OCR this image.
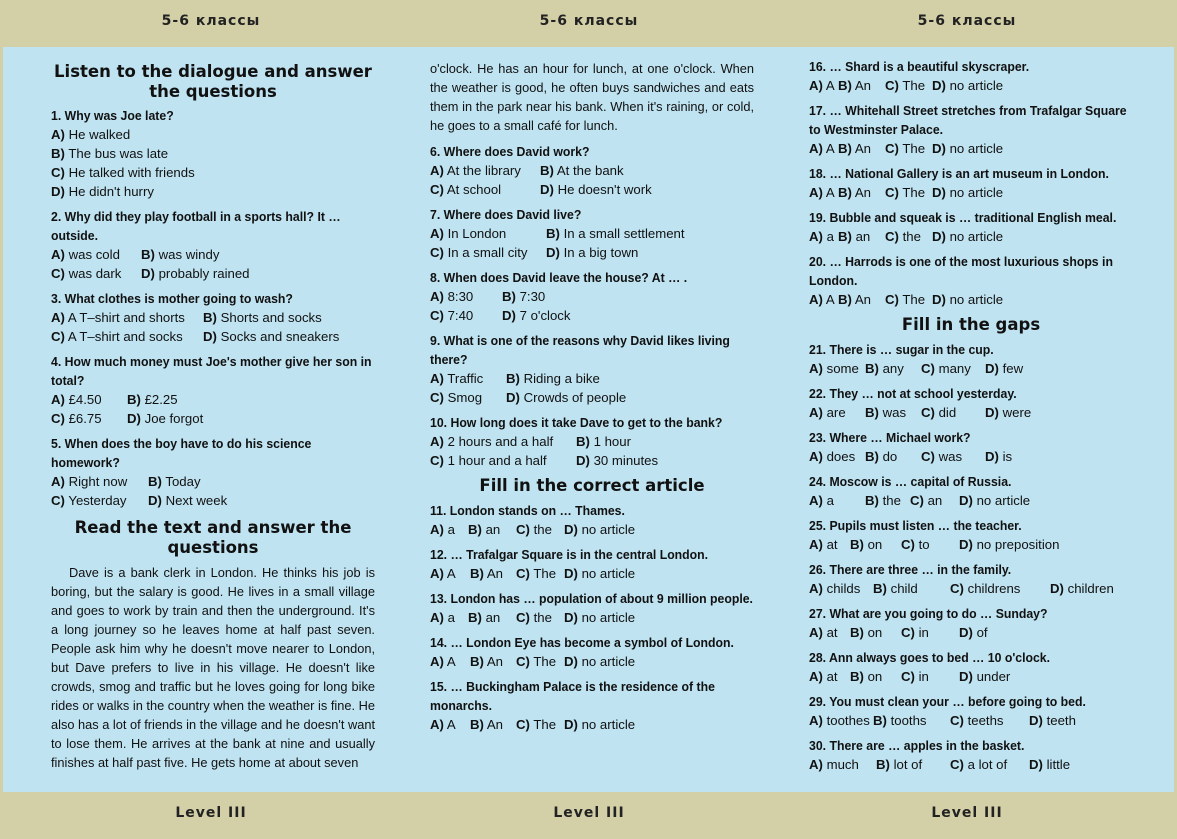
5-6 классы	5-6 классы	5-6 классы
Listen to the dialogue and answer the questions
1. Why was Joe late?
A) He walked
B) The bus was late
C) He talked with friends
D) He didn't hurry
2. Why did they play football in a sports hall? It … outside.
A) was cold B) was windy
C) was dark D) probably rained
3. What clothes is mother going to wash?
A) A T–shirt and shorts B) Shorts and socks
C) A T–shirt and socks D) Socks and sneakers
4. How much money must Joe's mother give her son in total?
A) £4.50 B) £2.25
C) £6.75 D) Joe forgot
5. When does the boy have to do his science homework?
A) Right now B) Today
C) Yesterday D) Next week
Read the text and answer the questions
Dave is a bank clerk in London. He thinks his job is boring, but the salary is good. He lives in a small village and goes to work by train and then the underground. It's a long journey so he leaves home at half past seven. People ask him why he doesn't move nearer to London, but Dave prefers to live in his village. He doesn't like crowds, smog and traffic but he loves going for long bike rides or walks in the country when the weather is fine. He also has a lot of friends in the village and he doesn't want to lose them. He arrives at the bank at nine and usually finishes at half past five. He gets home at about seven
o'clock. He has an hour for lunch, at one o'clock. When the weather is good, he often buys sandwiches and eats them in the park near his bank. When it's raining, or cold, he goes to a small café for lunch.
6. Where does David work?
A) At the library B) At the bank
C) At school	D) He doesn't work
7. Where does David live?
A) In London	B) In a small settlement
C) In a small city D) In a big town
8. When does David leave the house? At … .
A) 8:30 B) 7:30
C) 7:40 D) 7 o'clock
9. What is one of the reasons why David likes living there?
A) Traffic B) Riding a bike
C) Smog D) Crowds of people
10. How long does it take Dave to get to the bank?
A) 2 hours and a half B) 1 hour
C) 1 hour and a half D) 30 minutes
Fill in the correct article
11. London stands on … Thames.
A) a B) an C) the D) no article
12. … Trafalgar Square is in the central London.
A) A B) An C) The D) no article
13. London has … population of about 9 million people.
A) a B) an C) the D) no article
14. … London Eye has become a symbol of London.
A) A B) An C) The D) no article
15. … Buckingham Palace is the residence of the monarchs.
A) A B) An C) The D) no article
16. … Shard is a beautiful skyscraper.
A) A B) An C) The D) no article
17. … Whitehall Street stretches from Trafalgar Square to Westminster Palace.
A) A B) An C) The D) no article
18. … National Gallery is an art museum in London.
A) A B) An C) The D) no article
19. Bubble and squeak is … traditional English meal.
A) a B) an C) the D) no article
20. … Harrods is one of the most luxurious shops in London.
A) A B) An C) The D) no article
Fill in the gaps
21. There is … sugar in the cup.
A) some B) any C) many D) few
22. They … not at school yesterday.
A) are B) was C) did D) were
23. Where … Michael work?
A) does B) do C) was D) is
24. Moscow is … capital of Russia.
A) a B) the C) an D) no article
25. Pupils must listen … the teacher.
A) at B) on C) to D) no preposition
26. There are three … in the family.
A) childs B) child C) childrens D) children
27. What are you going to do … Sunday?
A) at B) on C) in D) of
28. Ann always goes to bed … 10 o'clock.
A) at B) on C) in D) under
29. You must clean your … before going to bed.
A) toothes B) tooths C) teeths D) teeth
30. There are … apples in the basket.
A) much B) lot of C) a lot of D) little
Level III	Level III	Level III
